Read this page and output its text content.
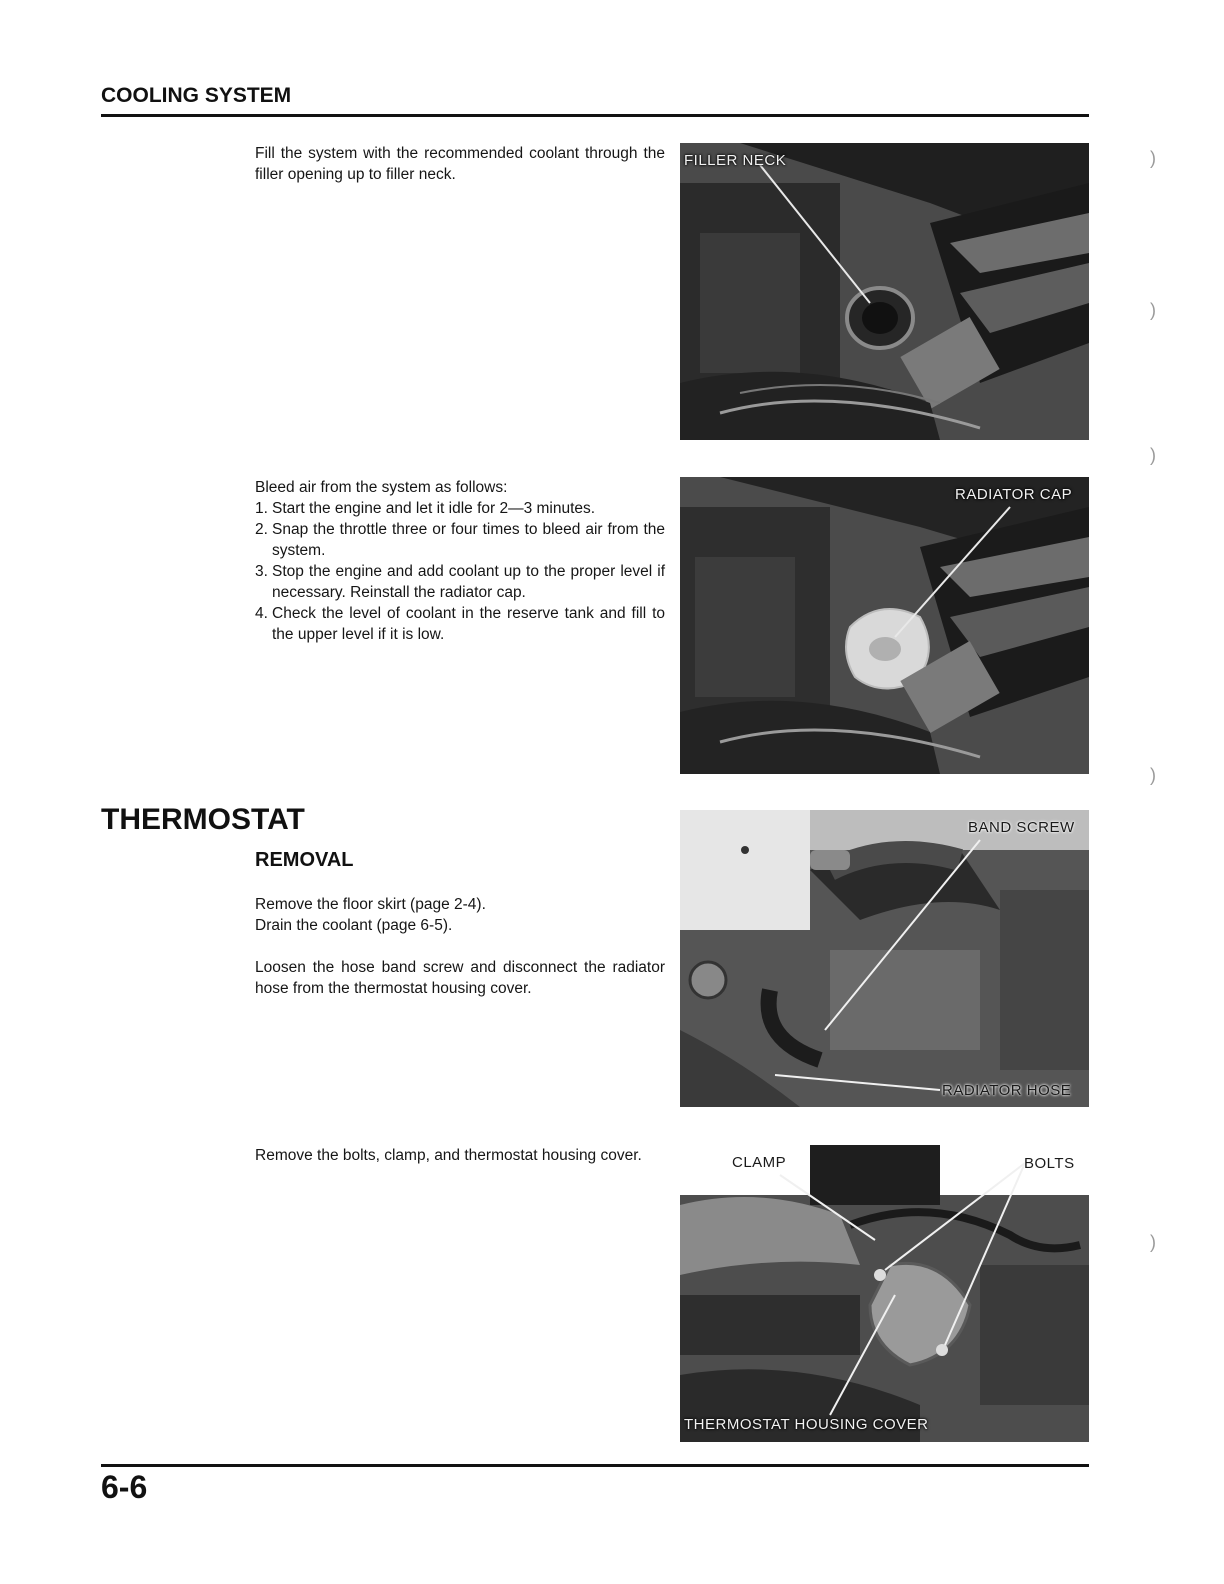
COOLING SYSTEM
Fill the system with the recommended coolant through the filler opening up to filler neck.
FILLER NECK
Bleed air from the system as follows:
1. Start the engine and let it idle for 2—3 minutes.
2. Snap the throttle three or four times to bleed air from the system.
3. Stop the engine and add coolant up to the proper level if necessary. Reinstall the radiator cap.
4. Check the level of coolant in the reserve tank and fill to the upper level if it is low.
RADIATOR CAP
THERMOSTAT
REMOVAL
Remove the floor skirt (page 2-4).
Drain the coolant (page 6-5).
Loosen the hose band screw and disconnect the radiator hose from the thermostat housing cover.
BAND SCREW
RADIATOR HOSE
Remove the bolts, clamp, and thermostat housing cover.	CLAMP	BOLTS
THERMOSTAT HOUSING COVER
6-6
)
)
)
)
)
